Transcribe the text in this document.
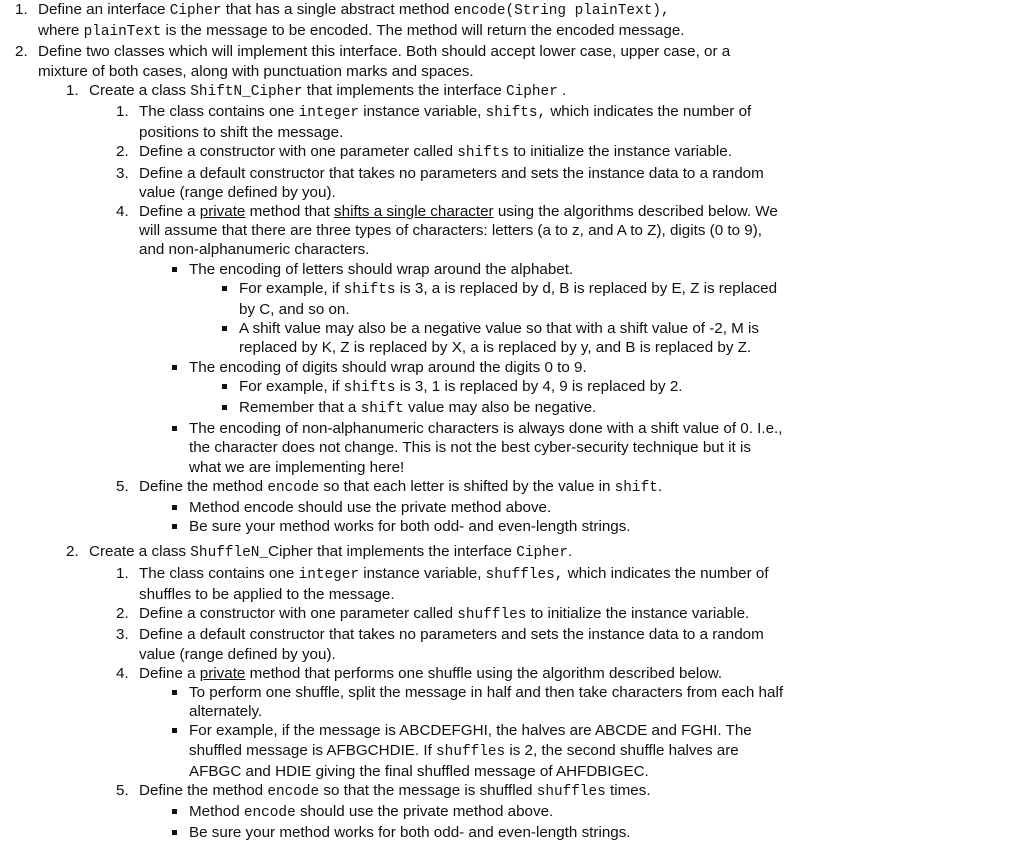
1. Define an interface Cipher that has a single abstract method encode(String plainText),
where plainText is the message to be encoded. The method will return the encoded message.
2. Define two classes which will implement this interface. Both should accept lower case, upper case, or a mixture of both cases, along with punctuation marks and spaces.
1. Create a class ShiftN_Cipher that implements the interface Cipher .
1. The class contains one integer instance variable, shifts, which indicates the number of positions to shift the message.
2. Define a constructor with one parameter called shifts to initialize the instance variable.
3. Define a default constructor that takes no parameters and sets the instance data to a random value (range defined by you).
4. Define a private method that shifts a single character using the algorithms described below. We will assume that there are three types of characters: letters (a to z, and A to Z), digits (0 to 9), and non-alphanumeric characters.
The encoding of letters should wrap around the alphabet.
For example, if shifts is 3, a is replaced by d, B is replaced by E, Z is replaced by C, and so on.
A shift value may also be a negative value so that with a shift value of -2, M is replaced by K, Z is replaced by X, a is replaced by y, and B is replaced by Z.
The encoding of digits should wrap around the digits 0 to 9.
For example, if shifts is 3, 1 is replaced by 4, 9 is replaced by 2.
Remember that a shift value may also be negative.
The encoding of non-alphanumeric characters is always done with a shift value of 0. I.e., the character does not change. This is not the best cyber-security technique but it is what we are implementing here!
5. Define the method encode so that each letter is shifted by the value in shift.
Method encode should use the private method above.
Be sure your method works for both odd- and even-length strings.
2. Create a class ShuffleN_Cipher that implements the interface Cipher.
1. The class contains one integer instance variable, shuffles, which indicates the number of shuffles to be applied to the message.
2. Define a constructor with one parameter called shuffles to initialize the instance variable.
3. Define a default constructor that takes no parameters and sets the instance data to a random value (range defined by you).
4. Define a private method that performs one shuffle using the algorithm described below.
To perform one shuffle, split the message in half and then take characters from each half alternately.
For example, if the message is ABCDEFGHI, the halves are ABCDE and FGHI. The shuffled message is AFBGCHDIE. If shuffles is 2, the second shuffle halves are AFBGC and HDIE giving the final shuffled message of AHFDBIGEC.
5. Define the method encode so that the message is shuffled shuffles times.
Method encode should use the private method above.
Be sure your method works for both odd- and even-length strings.
